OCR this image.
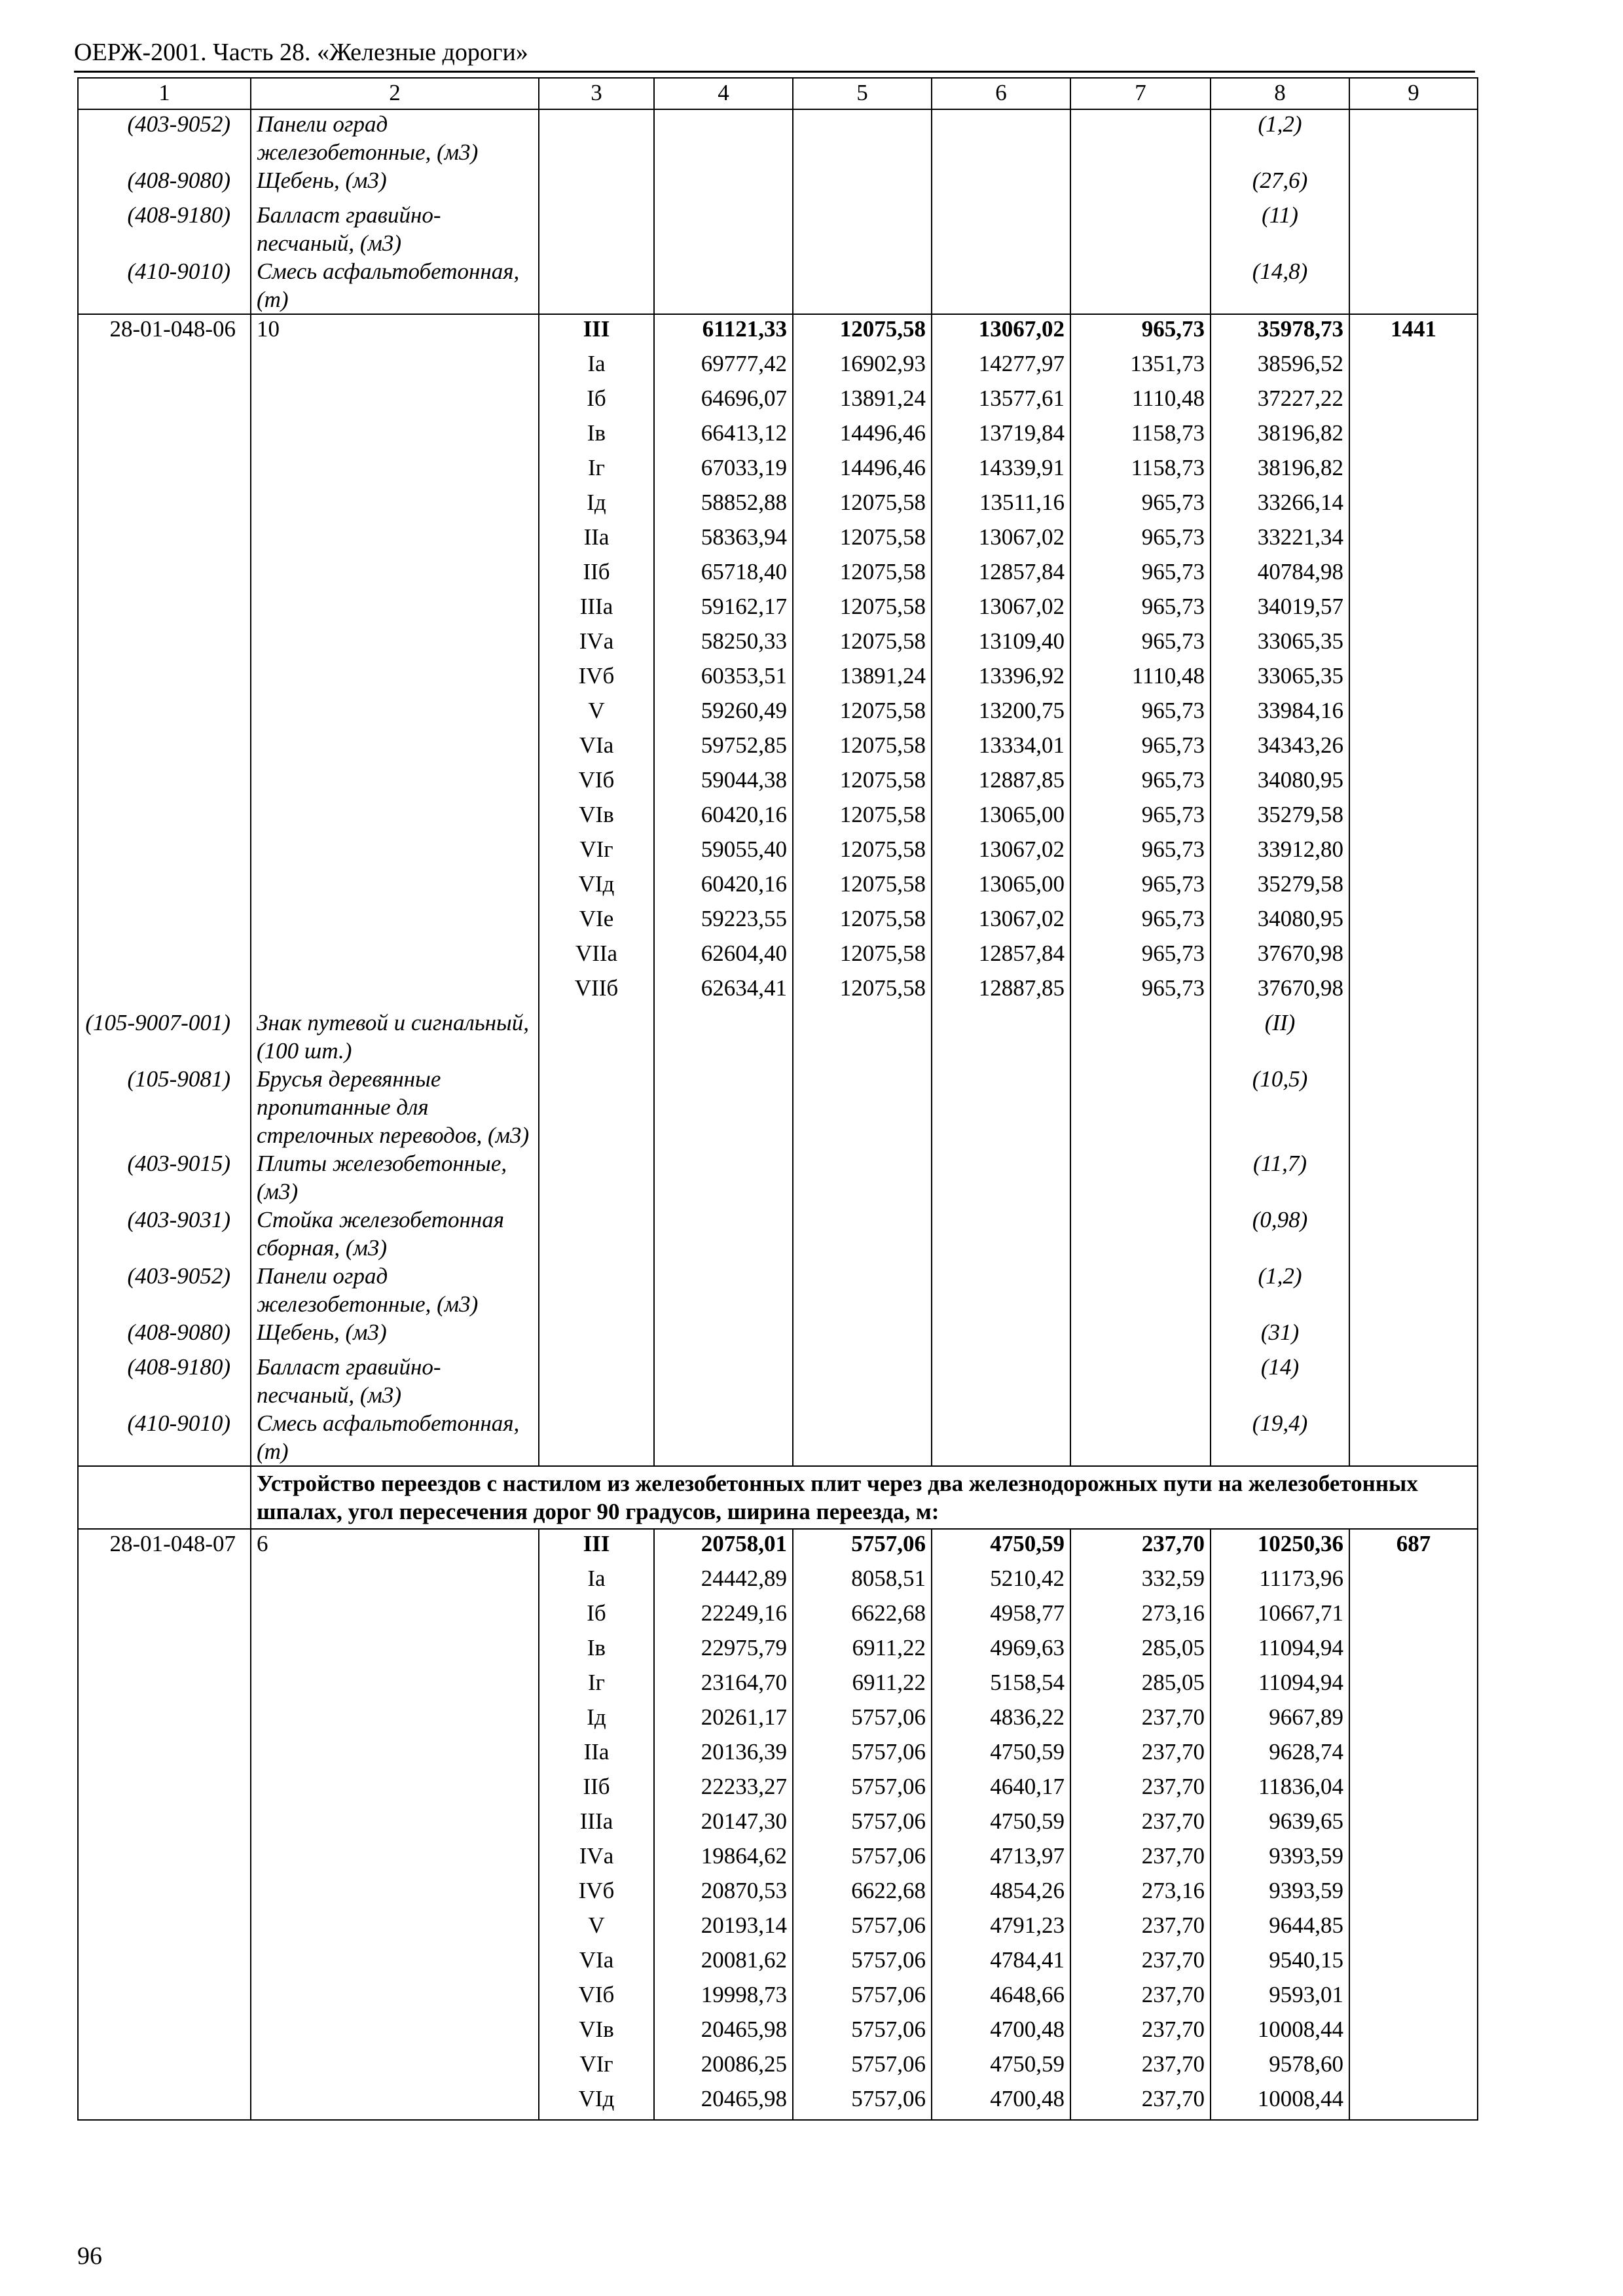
ОЕРЖ-2001. Часть 28. «Железные дороги»
1	2	3	4	5	6	7	8	9
(403-9052)	Панели оград железобетонные, (м3)						(1,2)	
(408-9080)	Щебень, (м3)						(27,6)	
(408-9180)	Балласт гравийно-песчаный, (м3)						(11)	
(410-9010)	Смесь асфальтобетонная, (т)						(14,8)	
28-01-048-06	10	III	61121,33	12075,58	13067,02	965,73	35978,73	1441
		Iа	69777,42	16902,93	14277,97	1351,73	38596,52	
		Iб	64696,07	13891,24	13577,61	1110,48	37227,22	
		Iв	66413,12	14496,46	13719,84	1158,73	38196,82	
		Iг	67033,19	14496,46	14339,91	1158,73	38196,82	
		Iд	58852,88	12075,58	13511,16	965,73	33266,14	
		IIа	58363,94	12075,58	13067,02	965,73	33221,34	
		IIб	65718,40	12075,58	12857,84	965,73	40784,98	
		IIIа	59162,17	12075,58	13067,02	965,73	34019,57	
		IVа	58250,33	12075,58	13109,40	965,73	33065,35	
		IVб	60353,51	13891,24	13396,92	1110,48	33065,35	
		V	59260,49	12075,58	13200,75	965,73	33984,16	
		VIа	59752,85	12075,58	13334,01	965,73	34343,26	
		VIб	59044,38	12075,58	12887,85	965,73	34080,95	
		VIв	60420,16	12075,58	13065,00	965,73	35279,58	
		VIг	59055,40	12075,58	13067,02	965,73	33912,80	
		VIд	60420,16	12075,58	13065,00	965,73	35279,58	
		VIе	59223,55	12075,58	13067,02	965,73	34080,95	
		VIIа	62604,40	12075,58	12857,84	965,73	37670,98	
		VIIб	62634,41	12075,58	12887,85	965,73	37670,98	
(105-9007-001)	Знак путевой и сигнальный, (100 шт.)						(II)	
(105-9081)	Брусья деревянные пропитанные для стрелочных переводов, (м3)						(10,5)	
(403-9015)	Плиты железобетонные, (м3)						(11,7)	
(403-9031)	Стойка железобетонная сборная, (м3)						(0,98)	
(403-9052)	Панели оград железобетонные, (м3)						(1,2)	
(408-9080)	Щебень, (м3)						(31)	
(408-9180)	Балласт гравийно-песчаный, (м3)						(14)	
(410-9010)	Смесь асфальтобетонная, (т)						(19,4)	
	Устройство переездов с настилом из железобетонных плит через два железнодорожных пути на железобетонных шпалах, угол пересечения дорог 90 градусов, ширина переезда, м:							
28-01-048-07	6	III	20758,01	5757,06	4750,59	237,70	10250,36	687
		Iа	24442,89	8058,51	5210,42	332,59	11173,96	
		Iб	22249,16	6622,68	4958,77	273,16	10667,71	
		Iв	22975,79	6911,22	4969,63	285,05	11094,94	
		Iг	23164,70	6911,22	5158,54	285,05	11094,94	
		Iд	20261,17	5757,06	4836,22	237,70	9667,89	
		IIа	20136,39	5757,06	4750,59	237,70	9628,74	
		IIб	22233,27	5757,06	4640,17	237,70	11836,04	
		IIIа	20147,30	5757,06	4750,59	237,70	9639,65	
		IVа	19864,62	5757,06	4713,97	237,70	9393,59	
		IVб	20870,53	6622,68	4854,26	273,16	9393,59	
		V	20193,14	5757,06	4791,23	237,70	9644,85	
		VIа	20081,62	5757,06	4784,41	237,70	9540,15	
		VIб	19998,73	5757,06	4648,66	237,70	9593,01	
		VIв	20465,98	5757,06	4700,48	237,70	10008,44	
		VIг	20086,25	5757,06	4750,59	237,70	9578,60	
		VIд	20465,98	5757,06	4700,48	237,70	10008,44	
96
